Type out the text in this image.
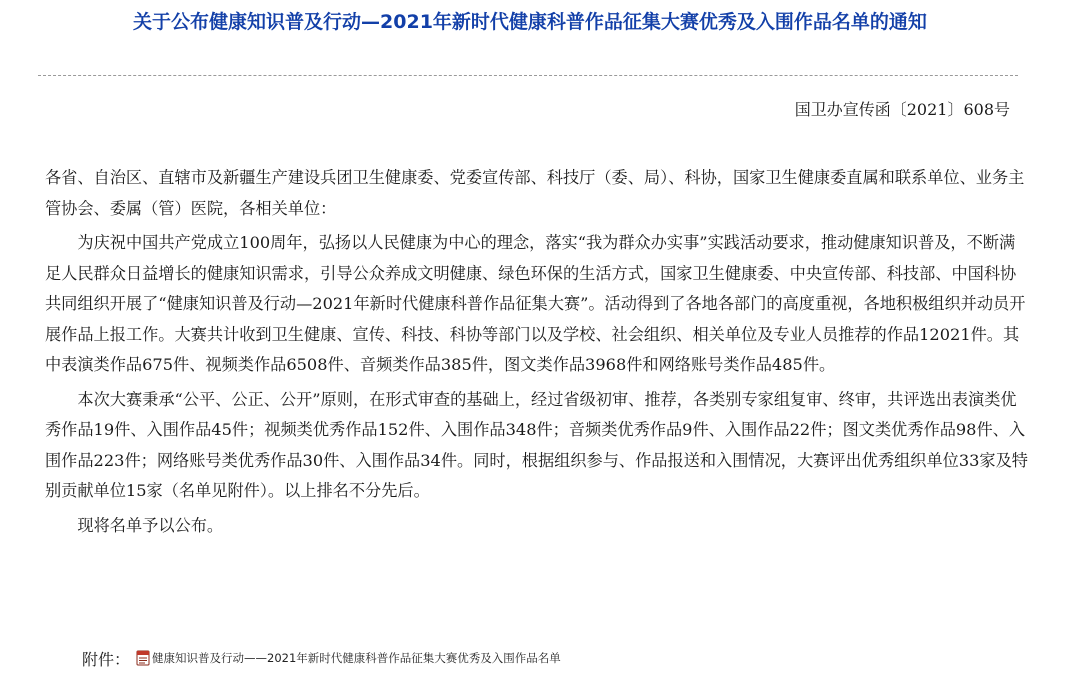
关于公布健康知识普及行动—2021年新时代健康科普作品征集大赛优秀及入围作品名单的通知
国卫办宣传函〔2021〕608号

各省、自治区、直辖市及新疆生产建设兵团卫生健康委、党委宣传部、科技厅（委、局）、科协，国家卫生健康委直属和联系单位、业务主管协会、委属（管）医院，各相关单位：

为庆祝中国共产党成立100周年，弘扬以人民健康为中心的理念，落实“我为群众办实事”实践活动要求，推动健康知识普及，不断满足人民群众日益增长的健康知识需求，引导公众养成文明健康、绿色环保的生活方式，国家卫生健康委、中央宣传部、科技部、中国科协共同组织开展了“健康知识普及行动—2021年新时代健康科普作品征集大赛”。活动得到了各地各部门的高度重视，各地积极组织并动员开展作品上报工作。大赛共计收到卫生健康、宣传、科技、科协等部门以及学校、社会组织、相关单位及专业人员推荐的作品12021件。其中表演类作品675件、视频类作品6508件、音频类作品385件，图文类作品3968件和网络账号类作品485件。

本次大赛秉承“公平、公正、公开”原则，在形式审查的基础上，经过省级初审、推荐，各类别专家组复审、终审，共评选出表演类优秀作品19件、入围作品45件；视频类优秀作品152件、入围作品348件；音频类优秀作品9件、入围作品22件；图文类优秀作品98件、入围作品223件；网络账号类优秀作品30件、入围作品34件。同时，根据组织参与、作品报送和入围情况，大赛评出优秀组织单位33家及特别贡献单位15家（名单见附件）。以上排名不分先后。

现将名单予以公布。

附件： 健康知识普及行动——2021年新时代健康科普作品征集大赛优秀及入围作品名单
